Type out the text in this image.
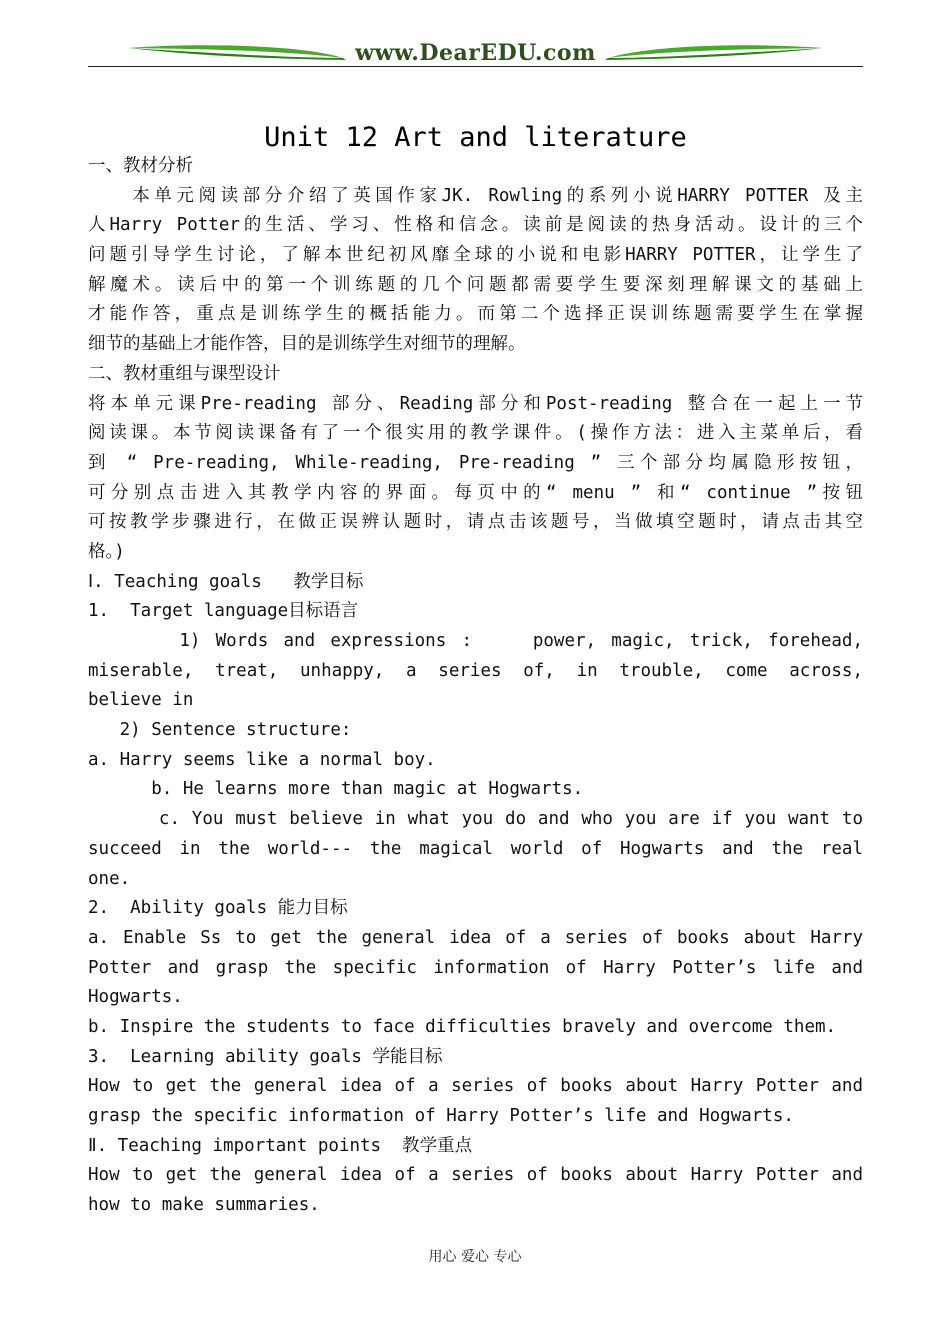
www.DearEDU.com
Unit 12 Art and literature
一、教材分析
　　本单元阅读部分介绍了英国作家JK. Rowling的系列小说HARRY POTTER 及主
人Harry Potter的生活、学习、性格和信念。读前是阅读的热身活动。设计的三个
问题引导学生讨论，了解本世纪初风靡全球的小说和电影HARRY POTTER，让学生了
解魔术。读后中的第一个训练题的几个问题都需要学生要深刻理解课文的基础上
才能作答，重点是训练学生的概括能力。而第二个选择正误训练题需要学生在掌握
细节的基础上才能作答，目的是训练学生对细节的理解。
二、教材重组与课型设计
将本单元课Pre-reading 部分、Reading部分和Post-reading 整合在一起上一节
阅读课。本节阅读课备有了一个很实用的教学课件。(操作方法：进入主菜单后，看
到 “ Pre-reading, While-reading, Pre-reading ” 三个部分均属隐形按钮，
可分别点击进入其教学内容的界面。每页中的“ menu ” 和“ continue ”按钮
可按教学步骤进行，在做正误辨认题时，请点击该题号，当做填空题时，请点击其空
格。)
Ⅰ. Teaching goals   教学目标
1.  Target language目标语言
1) Words and expressions :    power, magic, trick, forehead,
miserable, treat, unhappy, a series of, in trouble, come across,
believe in
2) Sentence structure:
a. Harry seems like a normal boy.
b. He learns more than magic at Hogwarts.
c. You must believe in what you do and who you are if you want to
succeed in the world--- the magical world of Hogwarts and the real
one.
2.  Ability goals 能力目标
a. Enable Ss to get the general idea of a series of books about Harry
Potter and grasp the specific information of Harry Potter’s life and
Hogwarts.
b. Inspire the students to face difficulties bravely and overcome them.
3.  Learning ability goals 学能目标
How to get the general idea of a series of books about Harry Potter and
grasp the specific information of Harry Potter’s life and Hogwarts.
Ⅱ. Teaching important points  教学重点
How to get the general idea of a series of books about Harry Potter and
how to make summaries.
用心 爱心 专心
